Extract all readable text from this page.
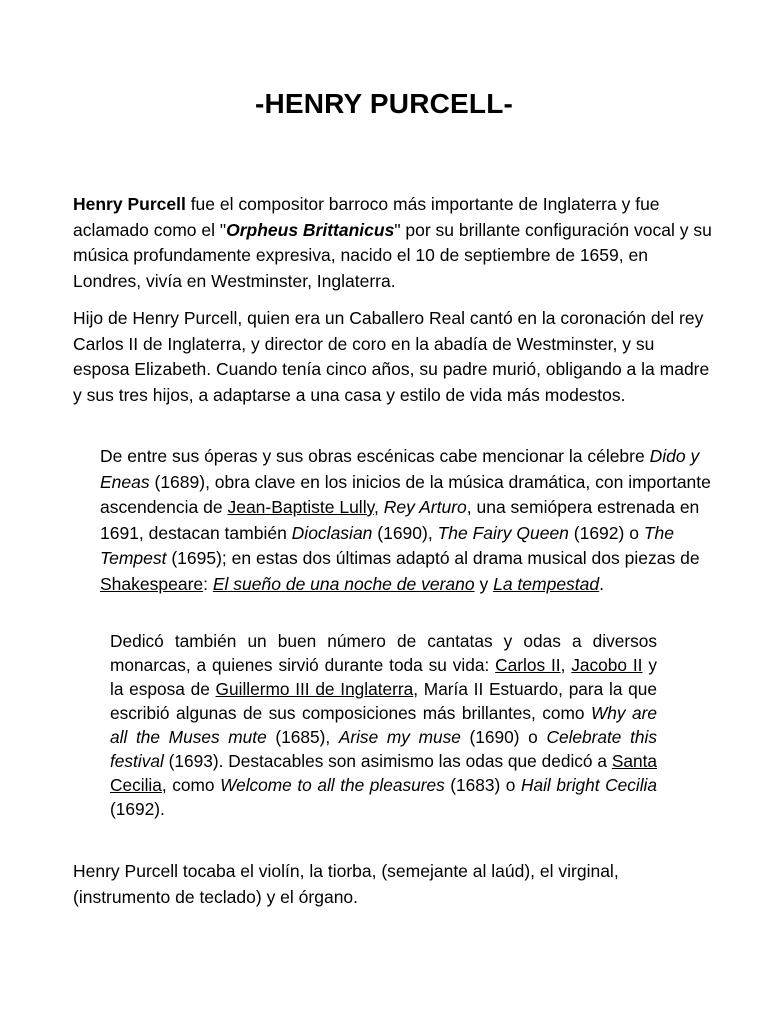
-HENRY PURCELL-

Henry Purcell fue el compositor barroco más importante de Inglaterra y fue aclamado como el "Orpheus Brittanicus" por su brillante configuración vocal y su música profundamente expresiva, nacido el 10 de septiembre de 1659, en Londres, vivía en Westminster, Inglaterra.

Hijo de Henry Purcell, quien era un Caballero Real cantó en la coronación del rey Carlos II de Inglaterra, y director de coro en la abadía de Westminster, y su esposa Elizabeth. Cuando tenía cinco años, su padre murió, obligando a la madre y sus tres hijos, a adaptarse a una casa y estilo de vida más modestos.

De entre sus óperas y sus obras escénicas cabe mencionar la célebre Dido y Eneas (1689), obra clave en los inicios de la música dramática, con importante ascendencia de Jean-Baptiste Lully, Rey Arturo, una semiópera estrenada en 1691, destacan también Dioclasian (1690), The Fairy Queen (1692) o The Tempest (1695); en estas dos últimas adaptó al drama musical dos piezas de Shakespeare: El sueño de una noche de verano y La tempestad.

Dedicó también un buen número de cantatas y odas a diversos monarcas, a quienes sirvió durante toda su vida: Carlos II, Jacobo II y la esposa de Guillermo III de Inglaterra, María II Estuardo, para la que escribió algunas de sus composiciones más brillantes, como Why are all the Muses mute (1685), Arise my muse (1690) o Celebrate this festival (1693). Destacables son asimismo las odas que dedicó a Santa Cecilia, como Welcome to all the pleasures (1683) o Hail bright Cecilia (1692).

Henry Purcell tocaba el violín, la tiorba, (semejante al laúd), el virginal, (instrumento de teclado) y el órgano.
